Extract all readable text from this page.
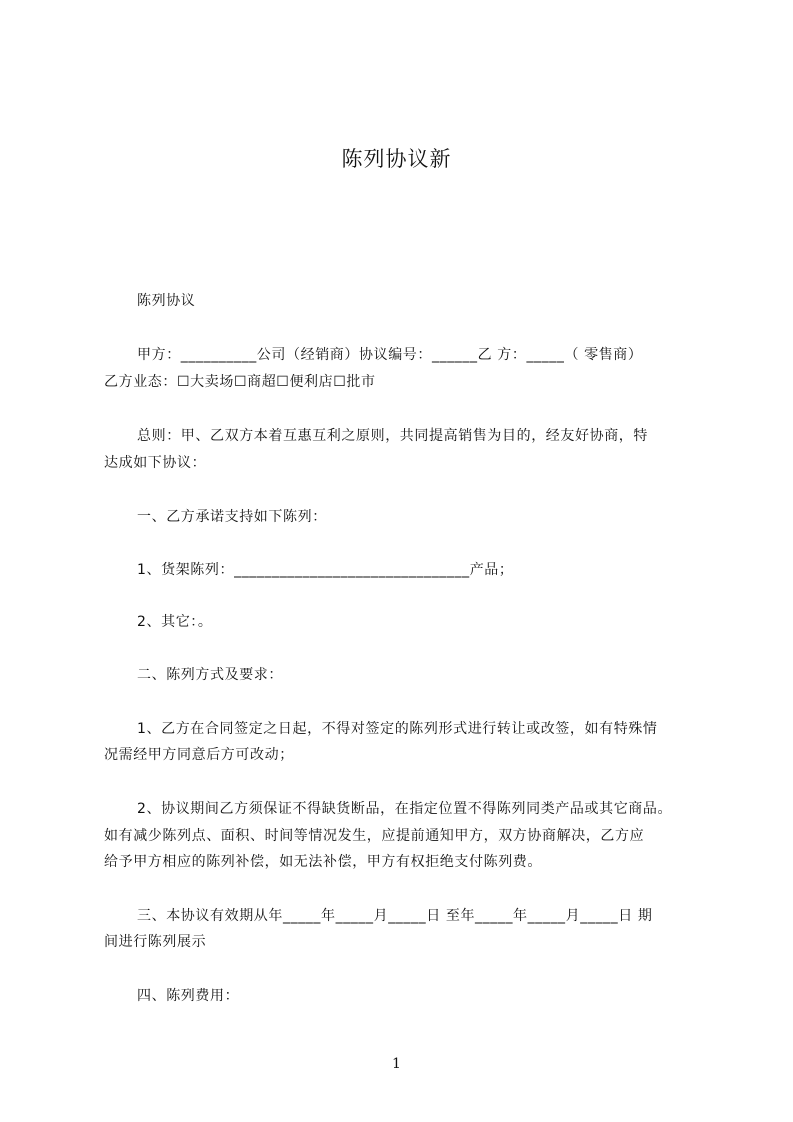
陈列协议新
陈列协议
甲方：__________公司（经销商）协议编号：______乙 方：_____（ 零售商）
乙方业态：☐大卖场☐商超☐便利店☐批市
总则：甲、乙双方本着互惠互利之原则，共同提高销售为目的，经友好协商，特
达成如下协议：
一、乙方承诺支持如下陈列：
1、货架陈列：_______________________________产品；
2、其它：。
二、陈列方式及要求：
1、乙方在合同签定之日起，不得对签定的陈列形式进行转让或改签，如有特殊情
况需经甲方同意后方可改动；
2、协议期间乙方须保证不得缺货断品，在指定位置不得陈列同类产品或其它商品。
如有减少陈列点、面积、时间等情况发生，应提前通知甲方，双方协商解决，乙方应
给予甲方相应的陈列补偿，如无法补偿，甲方有权拒绝支付陈列费。
三、本协议有效期从年_____年_____月_____日 至年_____年_____月_____日 期
间进行陈列展示
四、陈列费用：
1
